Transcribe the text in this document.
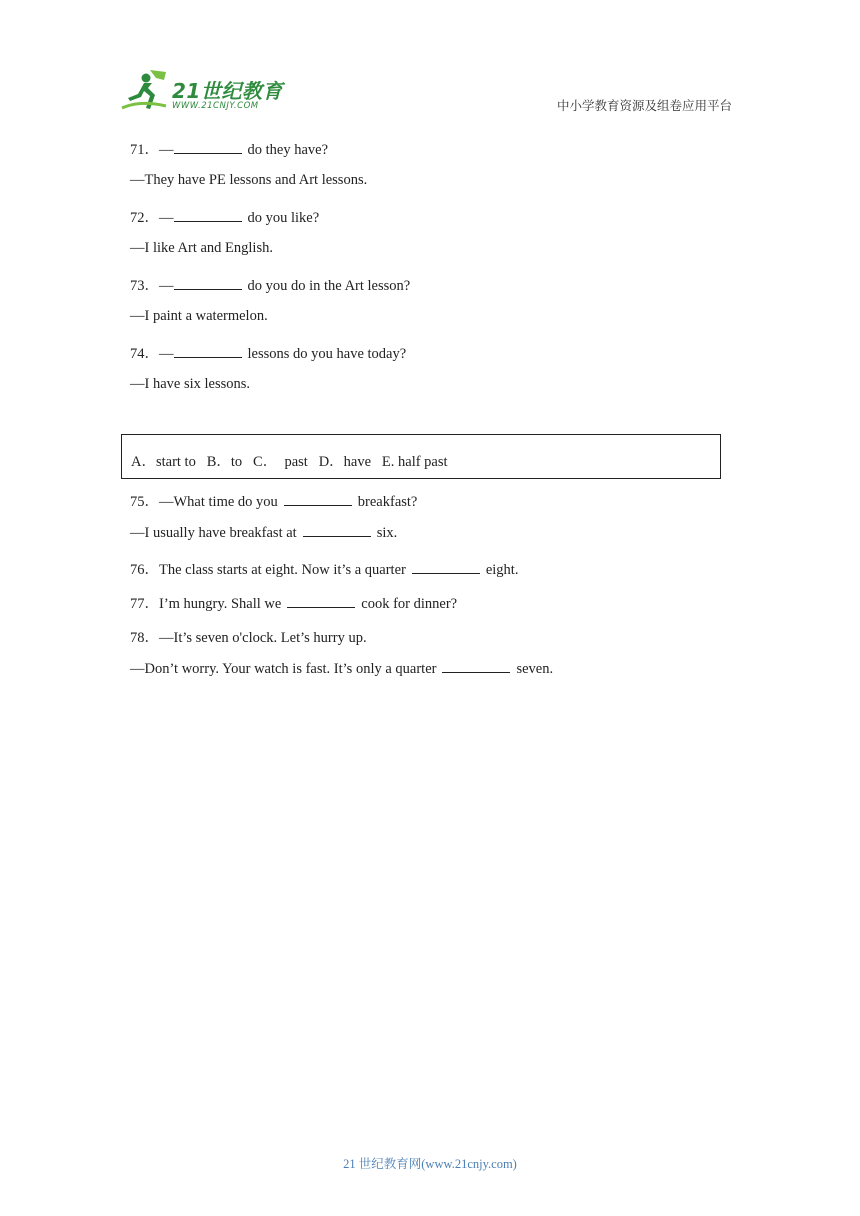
21世纪教育
WWW.21CNJY.COM	中小学教育资源及组卷应用平台
71．—	do they have?
—They have PE lessons and Art lessons.
72．—	do you like?
—I like Art and English.
73．—	do you do in the Art lesson?
—I paint a watermelon.
74．—	lessons do you have today?
—I have six lessons.
A．start to   B．to   C．  past   D．have   E. half past
75．—What time do you	breakfast?
—I usually have breakfast at	six.
76．The class starts at eight. Now it’s a quarter	eight.
77．I’m hungry. Shall we	cook for dinner?
78．—It’s seven o'clock. Let’s hurry up.
—Don’t worry. Your watch is fast. It’s only a quarter	seven.
21 世纪教育网(www.21cnjy.com)
